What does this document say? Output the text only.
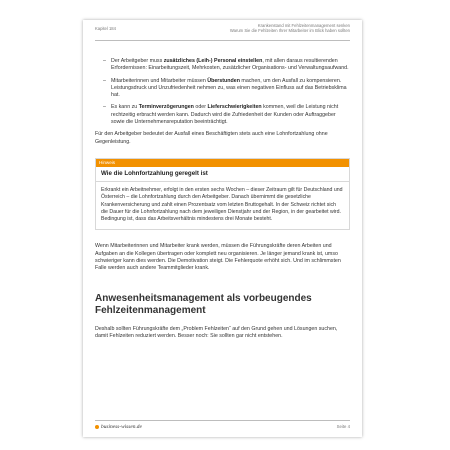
Kapitel 184
Krankenstand mit Fehlzeitenmanagement senken
Warum Sie die Fehlzeiten Ihrer Mitarbeiter im Blick haben sollten
– Der Arbeitgeber muss zusätzliches (Leih-) Personal einstellen, mit allen daraus resultierenden Erfordernissen: Einarbeitungszeit, Mehrkosten, zusätzlicher Organisations- und Verwaltungsaufwand.
– Mitarbeiterinnen und Mitarbeiter müssen Überstunden machen, um den Ausfall zu kompensieren. Leistungsdruck und Unzufriedenheit nehmen zu, was einen negativen Einfluss auf das Betriebsklima hat.
– Es kann zu Terminverzögerungen oder Lieferschwierigkeiten kommen, weil die Leistung nicht rechtzeitig erbracht werden kann. Dadurch wird die Zufriedenheit der Kunden oder Auftraggeber sowie die Unternehmensreputation beeinträchtigt.

Für den Arbeitgeber bedeutet der Ausfall eines Beschäftigten stets auch eine Lohnfortzahlung ohne Gegenleistung.

Hinweis
Wie die Lohnfortzahlung geregelt ist
Erkrankt ein Arbeitnehmer, erfolgt in den ersten sechs Wochen – dieser Zeitraum gilt für Deutschland und Österreich – die Lohnfortzahlung durch den Arbeitgeber. Danach übernimmt die gesetzliche Krankenversicherung und zahlt einen Prozentsatz vom letzten Bruttogehalt. In der Schweiz richtet sich die Dauer für die Lohnfortzahlung nach dem jeweiligen Dienstjahr und der Region, in der gearbeitet wird. Bedingung ist, dass das Arbeitsverhältnis mindestens drei Monate besteht.

Wenn Mitarbeiterinnen und Mitarbeiter krank werden, müssen die Führungskräfte deren Arbeiten und Aufgaben an die Kollegen übertragen oder komplett neu organisieren. Je länger jemand krank ist, umso schwieriger kann dies werden. Die Demotivation steigt. Die Fehlerquote erhöht sich. Und im schlimmsten Falle werden auch andere Teammitglieder krank.

Anwesenheitsmanagement als vorbeugendes Fehlzeitenmanagement

Deshalb sollten Führungskräfte dem „Problem Fehlzeiten“ auf den Grund gehen und Lösungen suchen, damit Fehlzeiten reduziert werden. Besser noch: Sie sollten gar nicht entstehen.

business-wissen.de	Seite 4
